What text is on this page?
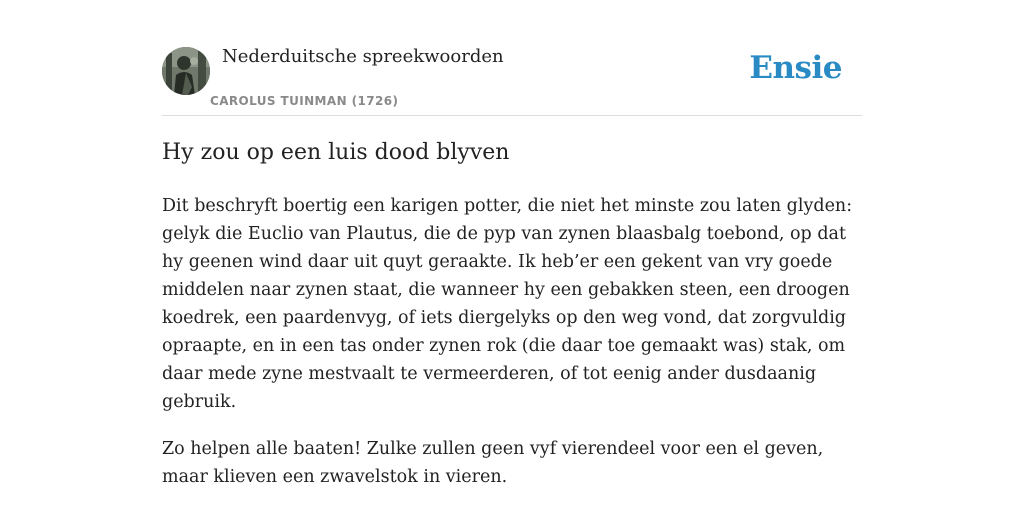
Nederduitsche spreekwoorden
CAROLUS TUINMAN (1726)
Ensie
Hy zou op een luis dood blyven

Dit beschryft boertig een karigen potter, die niet het minste zou laten glyden: gelyk die Euclio van Plautus, die de pyp van zynen blaasbalg toebond, op dat hy geenen wind daar uit quyt geraakte. Ik heb’er een gekent van vry goede middelen naar zynen staat, die wanneer hy een gebakken steen, een droogen koedrek, een paardenvyg, of iets diergelyks op den weg vond, dat zorgvuldig opraapte, en in een tas onder zynen rok (die daar toe gemaakt was) stak, om daar mede zyne mestvaalt te vermeerderen, of tot eenig ander dusdaanig gebruik.

Zo helpen alle baaten! Zulke zullen geen vyf vierendeel voor een el geven, maar klieven een zwavelstok in vieren.
